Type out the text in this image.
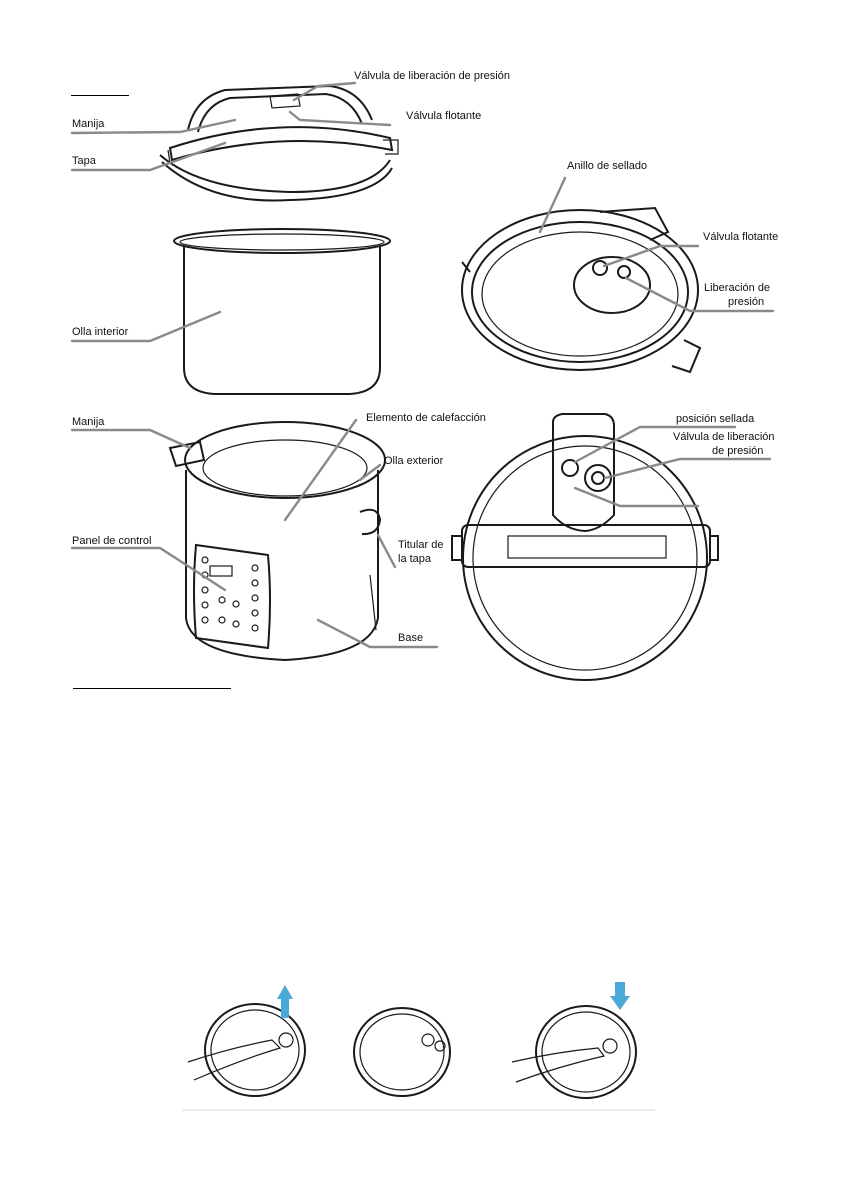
Válvula de liberación de presión
Válvula flotante
Manija
Tapa	Anillo de sellado
Válvula flotante
Liberación de
presión
Olla interior
Manija	Elemento de calefacción
Olla exterior
Panel de control	Titular de
la tapa
Base
posición sellada
Válvula de liberación
de presión
